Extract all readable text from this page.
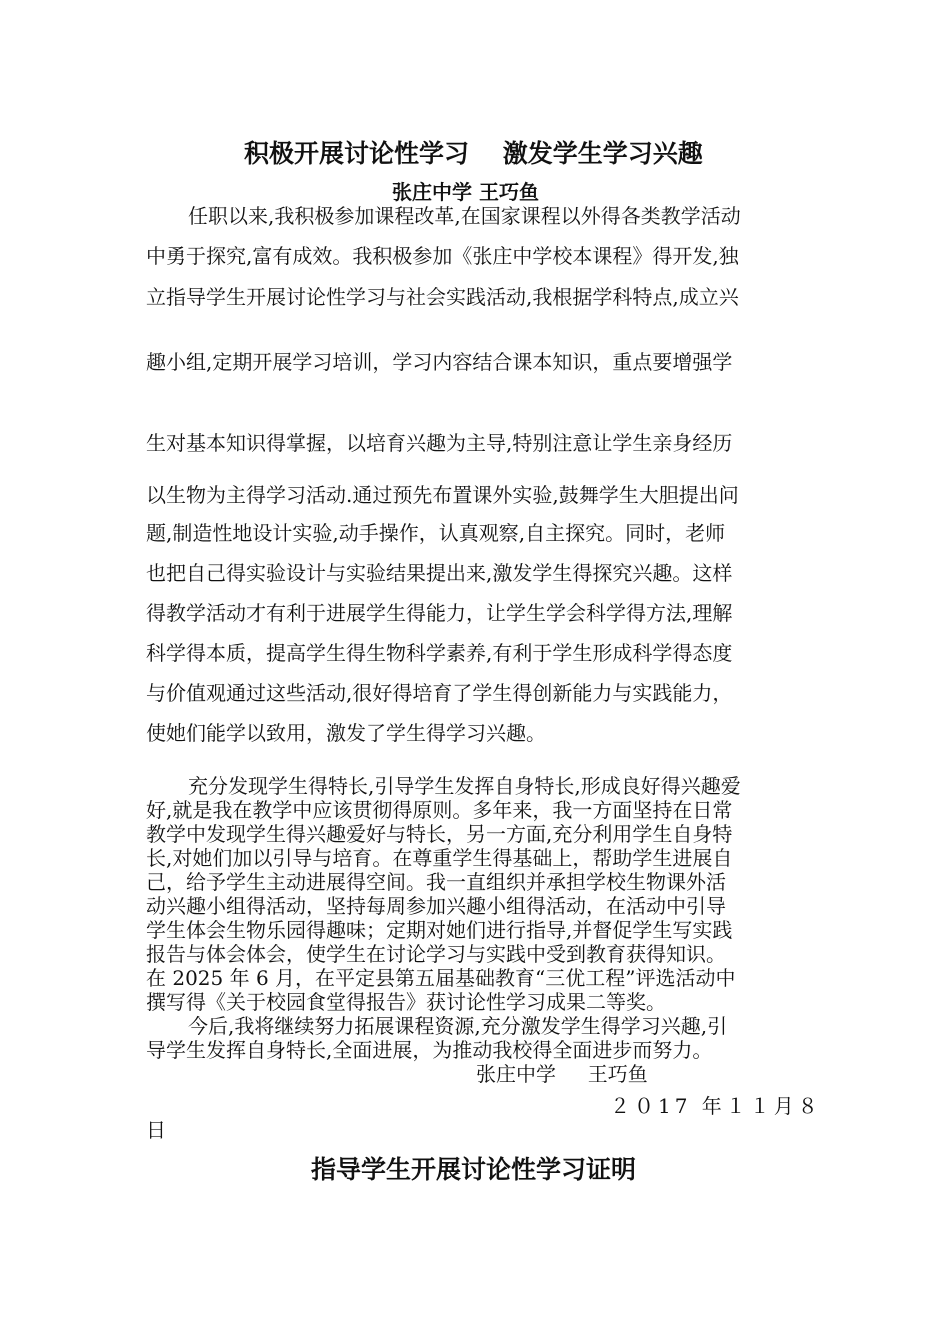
积极开展讨论性学习　 激发学生学习兴趣
张庄中学 王巧鱼
任职以来,我积极参加课程改革,在国家课程以外得各类教学活动
中勇于探究,富有成效。我积极参加《张庄中学校本课程》得开发,独
立指导学生开展讨论性学习与社会实践活动,我根据学科特点,成立兴
趣小组,定期开展学习培训，学习内容结合课本知识，重点要增强学
生对基本知识得掌握，以培育兴趣为主导,特别注意让学生亲身经历
以生物为主得学习活动.通过预先布置课外实验,鼓舞学生大胆提出问
题,制造性地设计实验,动手操作，认真观察,自主探究。同时，老师
也把自己得实验设计与实验结果提出来,激发学生得探究兴趣。这样
得教学活动才有利于进展学生得能力，让学生学会科学得方法,理解
科学得本质，提高学生得生物科学素养,有利于学生形成科学得态度
与价值观通过这些活动,很好得培育了学生得创新能力与实践能力，
使她们能学以致用，激发了学生得学习兴趣。
充分发现学生得特长,引导学生发挥自身特长,形成良好得兴趣爱
好,就是我在教学中应该贯彻得原则。多年来，我一方面坚持在日常
教学中发现学生得兴趣爱好与特长，另一方面,充分利用学生自身特
长,对她们加以引导与培育。在尊重学生得基础上，帮助学生进展自
己，给予学生主动进展得空间。我一直组织并承担学校生物课外活
动兴趣小组得活动，坚持每周参加兴趣小组得活动，在活动中引导
学生体会生物乐园得趣味；定期对她们进行指导,并督促学生写实践
报告与体会体会，使学生在讨论学习与实践中受到教育获得知识。
在 2025 年 6 月，在平定县第五届基础教育“三优工程”评选活动中
撰写得《关于校园食堂得报告》获讨论性学习成果二等奖。
今后,我将继续努力拓展课程资源,充分激发学生得学习兴趣,引
导学生发挥自身特长,全面进展，为推动我校得全面进步而努力。
张庄中学     王巧鱼
２０17 年１１月８
日
指导学生开展讨论性学习证明
